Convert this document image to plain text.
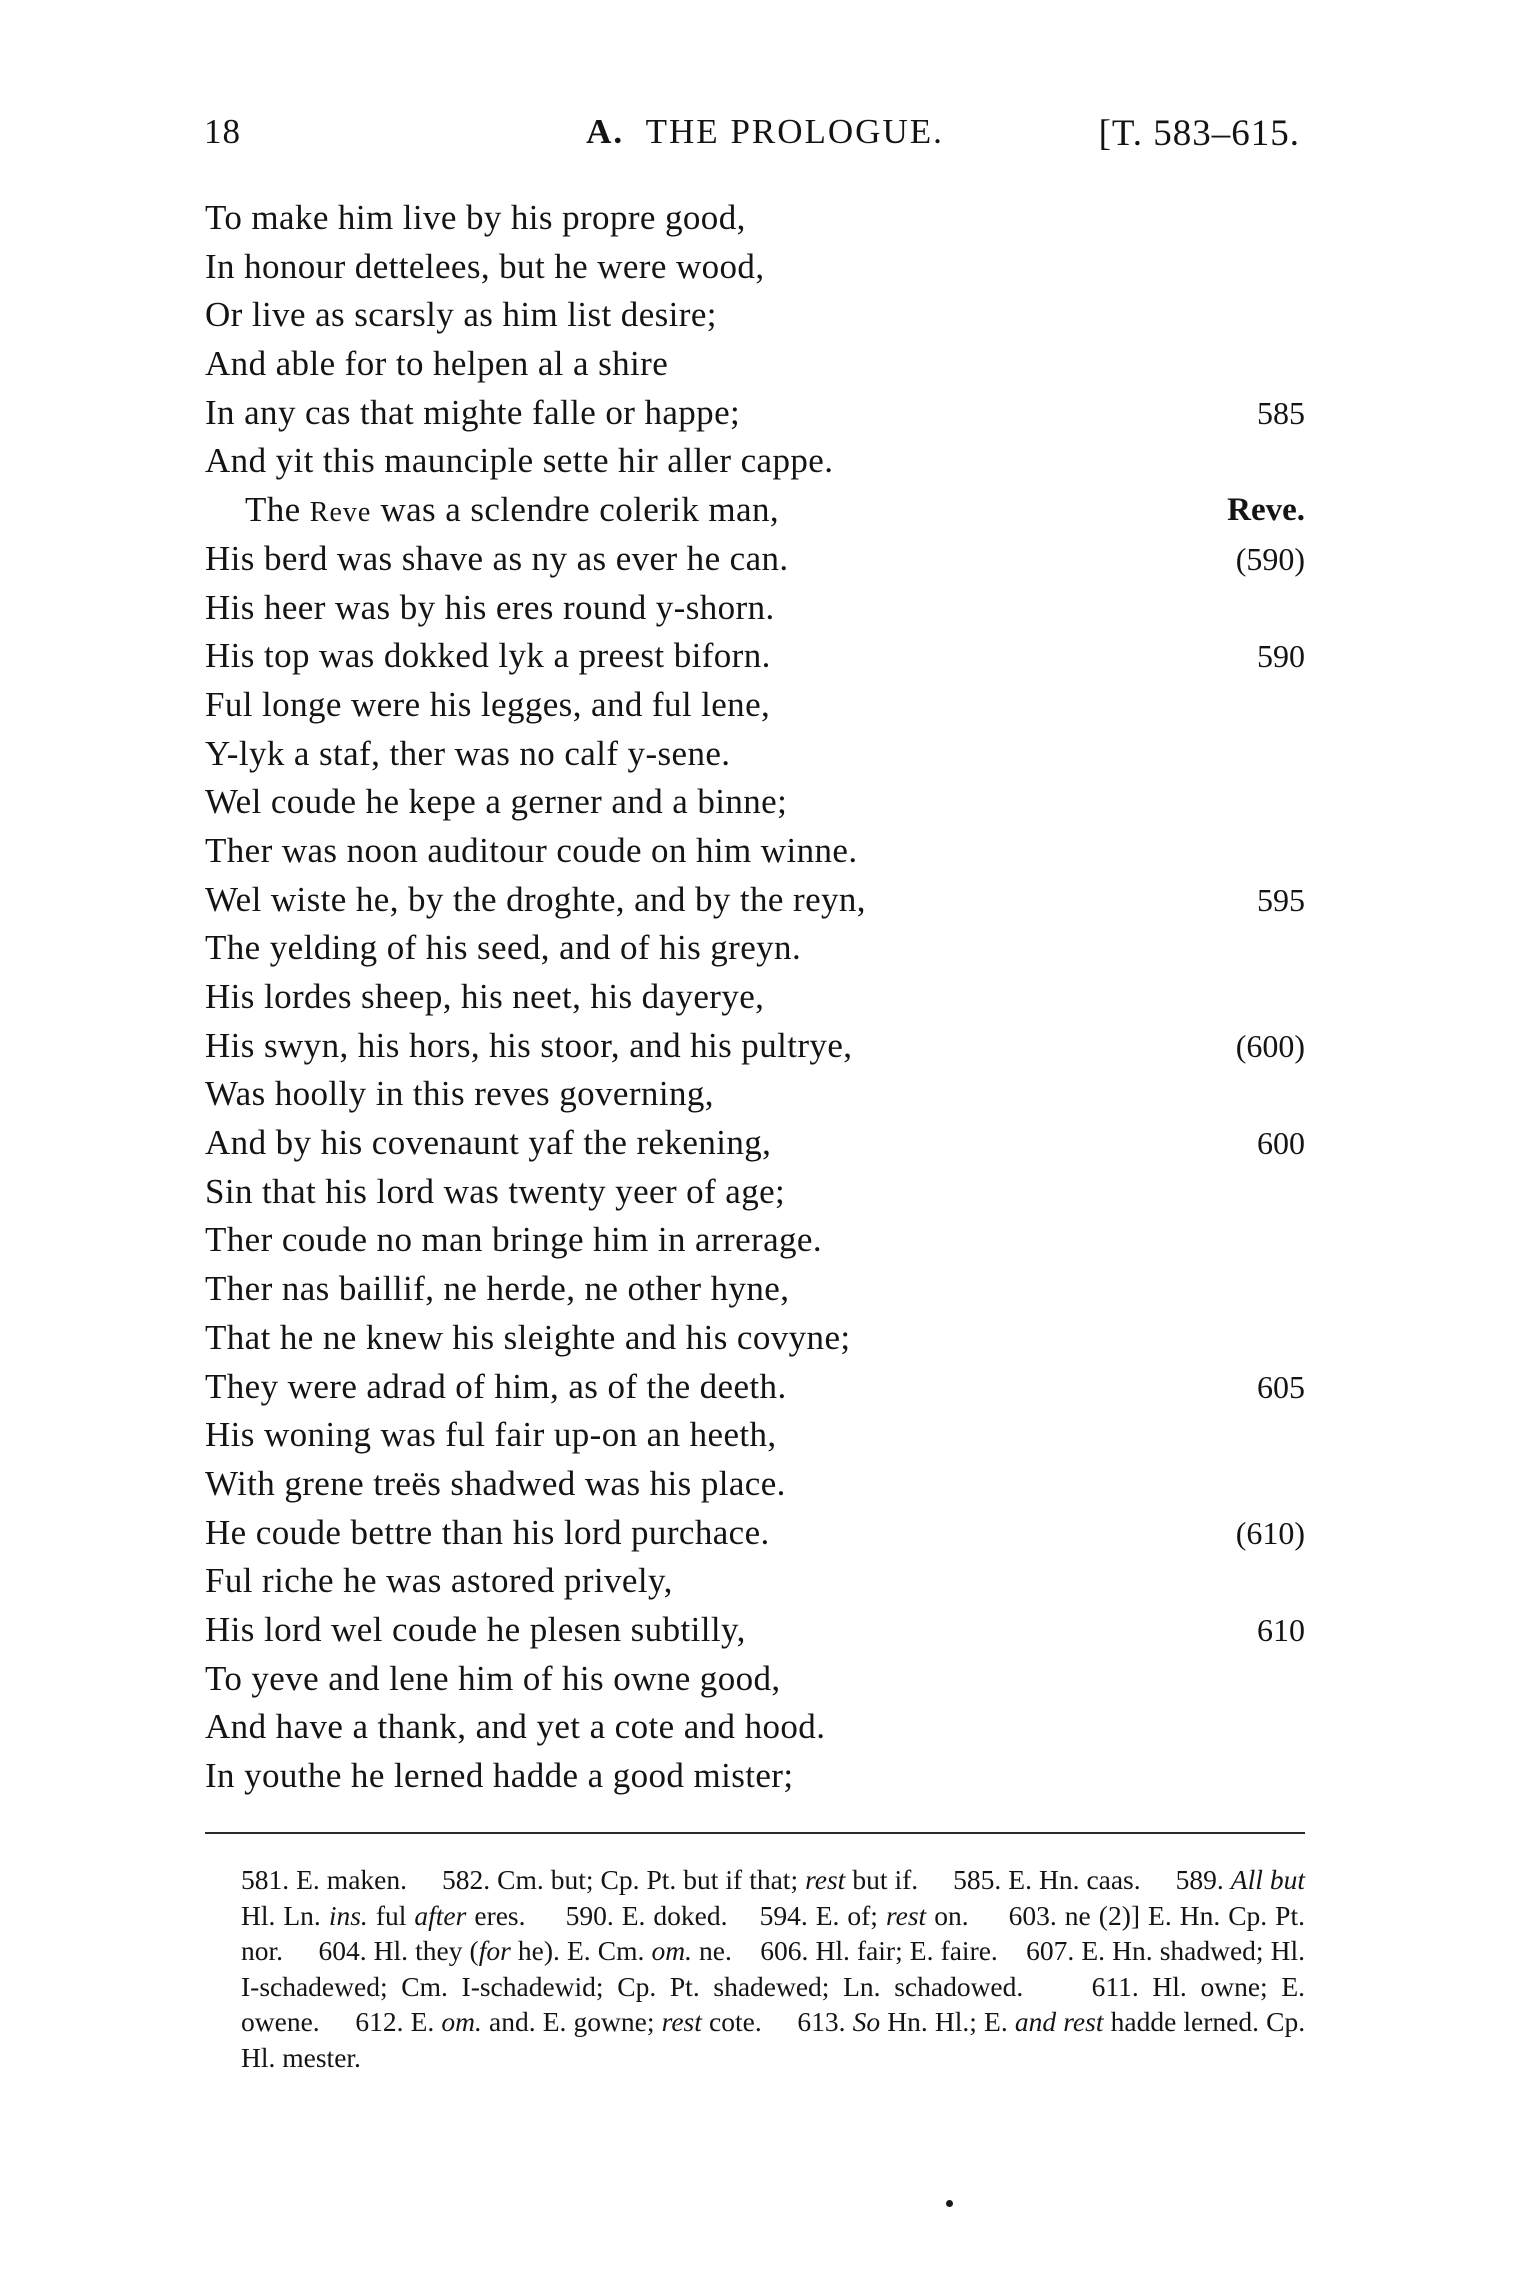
18	A. THE PROLOGUE.	[T. 583–615.
To make him live by his propre good,
In honour dettelees, but he were wood,
Or live as scarsly as him list desire;
And able for to helpen al a shire
In any cas that mighte falle or happe;	585
And yit this maunciple sette hir aller cappe.
The Reve was a sclendre colerik man,	Reve.
His berd was shave as ny as ever he can.	(590)
His heer was by his eres round y-shorn.
His top was dokked lyk a preest biforn.	590
Ful longe were his legges, and ful lene,
Y-lyk a staf, ther was no calf y-sene.
Wel coude he kepe a gerner and a binne;
Ther was noon auditour coude on him winne.
Wel wiste he, by the droghte, and by the reyn,	595
The yelding of his seed, and of his greyn.
His lordes sheep, his neet, his dayerye,
His swyn, his hors, his stoor, and his pultrye,	(600)
Was hoolly in this reves governing,
And by his covenaunt yaf the rekening,	600
Sin that his lord was twenty yeer of age;
Ther coude no man bringe him in arrerage.
Ther nas baillif, ne herde, ne other hyne,
That he ne knew his sleighte and his covyne;
They were adrad of him, as of the deeth.	605
His woning was ful fair up-on an heeth,
With grene treës shadwed was his place.
He coude bettre than his lord purchace.	(610)
Ful riche he was astored prively,
His lord wel coude he plesen subtilly,	610
To yeve and lene him of his owne good,
And have a thank, and yet a cote and hood.
In youthe he lerned hadde a good mister;

581. E. maken. 582. Cm. but; Cp. Pt. but if that; rest but if. 585. E. Hn. caas. 589. All but Hl. Ln. ins. ful after eres. 590. E. doked. 594. E. of; rest on. 603. ne (2)] E. Hn. Cp. Pt. nor. 604. Hl. they (for he). E. Cm. om. ne. 606. Hl. fair; E. faire. 607. E. Hn. shadwed; Hl. I-schadewed; Cm. I-schadewid; Cp. Pt. shadewed; Ln. schadowed. 611. Hl. owne; E. owene. 612. E. om. and. E. gowne; rest cote. 613. So Hn. Hl.; E. and rest hadde lerned. Cp. Hl. mester.
